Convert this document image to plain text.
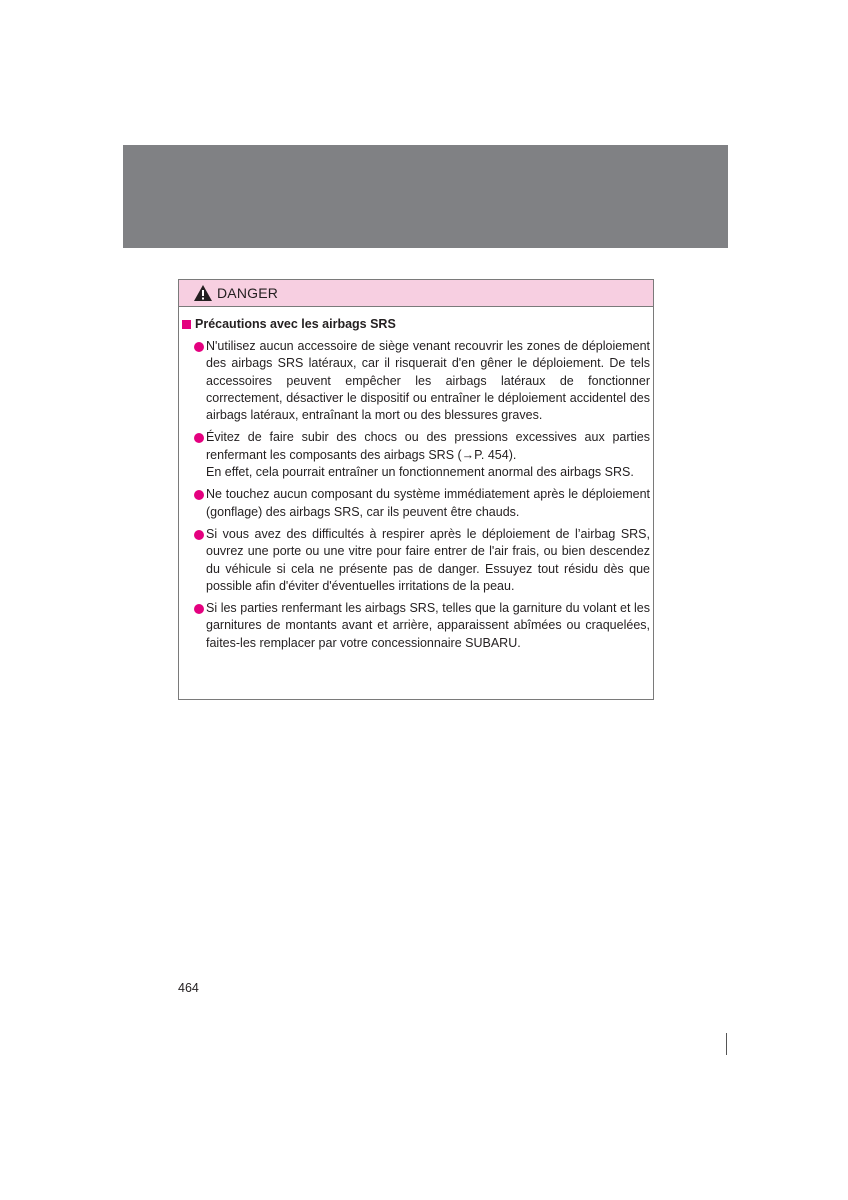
DANGER
Précautions avec les airbags SRS

N'utilisez aucun accessoire de siège venant recouvrir les zones de déploiement des airbags SRS latéraux, car il risquerait d'en gêner le déploiement. De tels accessoires peuvent empêcher les airbags latéraux de fonctionner correctement, désactiver le dispositif ou entraîner le déploiement accidentel des airbags latéraux, entraînant la mort ou des blessures graves.

Évitez de faire subir des chocs ou des pressions excessives aux parties renfermant les composants des airbags SRS (→P. 454).

En effet, cela pourrait entraîner un fonctionnement anormal des airbags SRS.

Ne touchez aucun composant du système immédiatement après le déploiement (gonflage) des airbags SRS, car ils peuvent être chauds.

Si vous avez des difficultés à respirer après le déploiement de l’airbag SRS, ouvrez une porte ou une vitre pour faire entrer de l'air frais, ou bien descendez du véhicule si cela ne présente pas de danger. Essuyez tout résidu dès que possible afin d'éviter d'éventuelles irritations de la peau.

Si les parties renfermant les airbags SRS, telles que la garniture du volant et les garnitures de montants avant et arrière, apparaissent abîmées ou craquelées, faites-les remplacer par votre concessionnaire SUBARU.

464
